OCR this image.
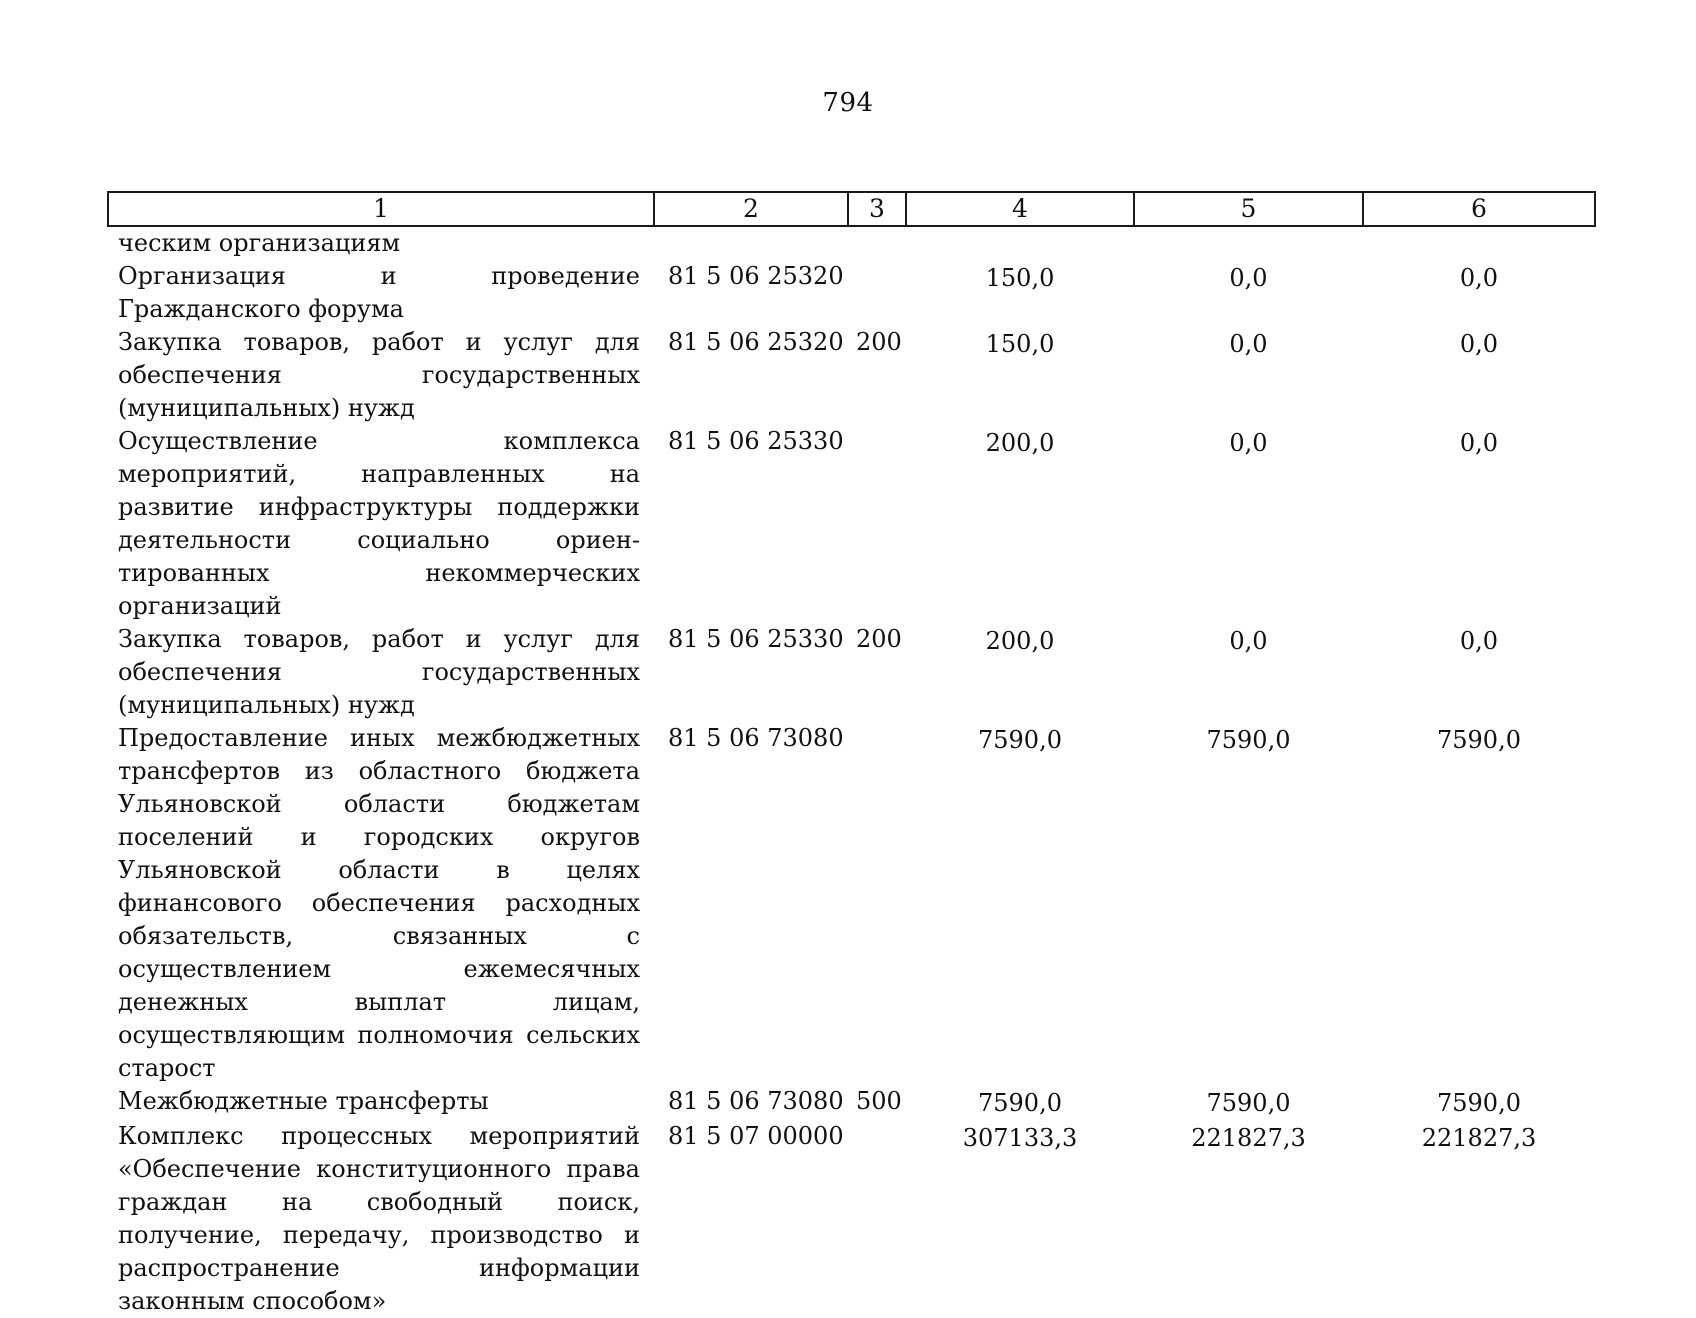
794
1	2	3	4	5	6
ческим организациям					
Организация и проведение Гражданского форума	81 5 06 25320		150,0	0,0	0,0
Закупка товаров, работ и услуг для обеспечения государственных (муниципальных) нужд	81 5 06 25320	200	150,0	0,0	0,0
Осуществление комплекса мероприятий, направленных на развитие инфраструктуры поддержки деятельности социально ориентированных некоммерческих организаций	81 5 06 25330		200,0	0,0	0,0
Закупка товаров, работ и услуг для обеспечения государственных (муниципальных) нужд	81 5 06 25330	200	200,0	0,0	0,0
Предоставление иных межбюджетных трансфертов из областного бюджета Ульяновской области бюджетам поселений и городских округов Ульяновской области в целях финансового обеспечения расходных обязательств, связанных с осуществлением ежемесячных денежных выплат лицам, осуществляющим полномочия сельских старост	81 5 06 73080		7590,0	7590,0	7590,0
Межбюджетные трансферты	81 5 06 73080	500	7590,0	7590,0	7590,0
Комплекс процессных мероприятий «Обеспечение конституционного права граждан на свободный поиск, получение, передачу, производство и распространение информации законным способом»	81 5 07 00000		307133,3	221827,3	221827,3
